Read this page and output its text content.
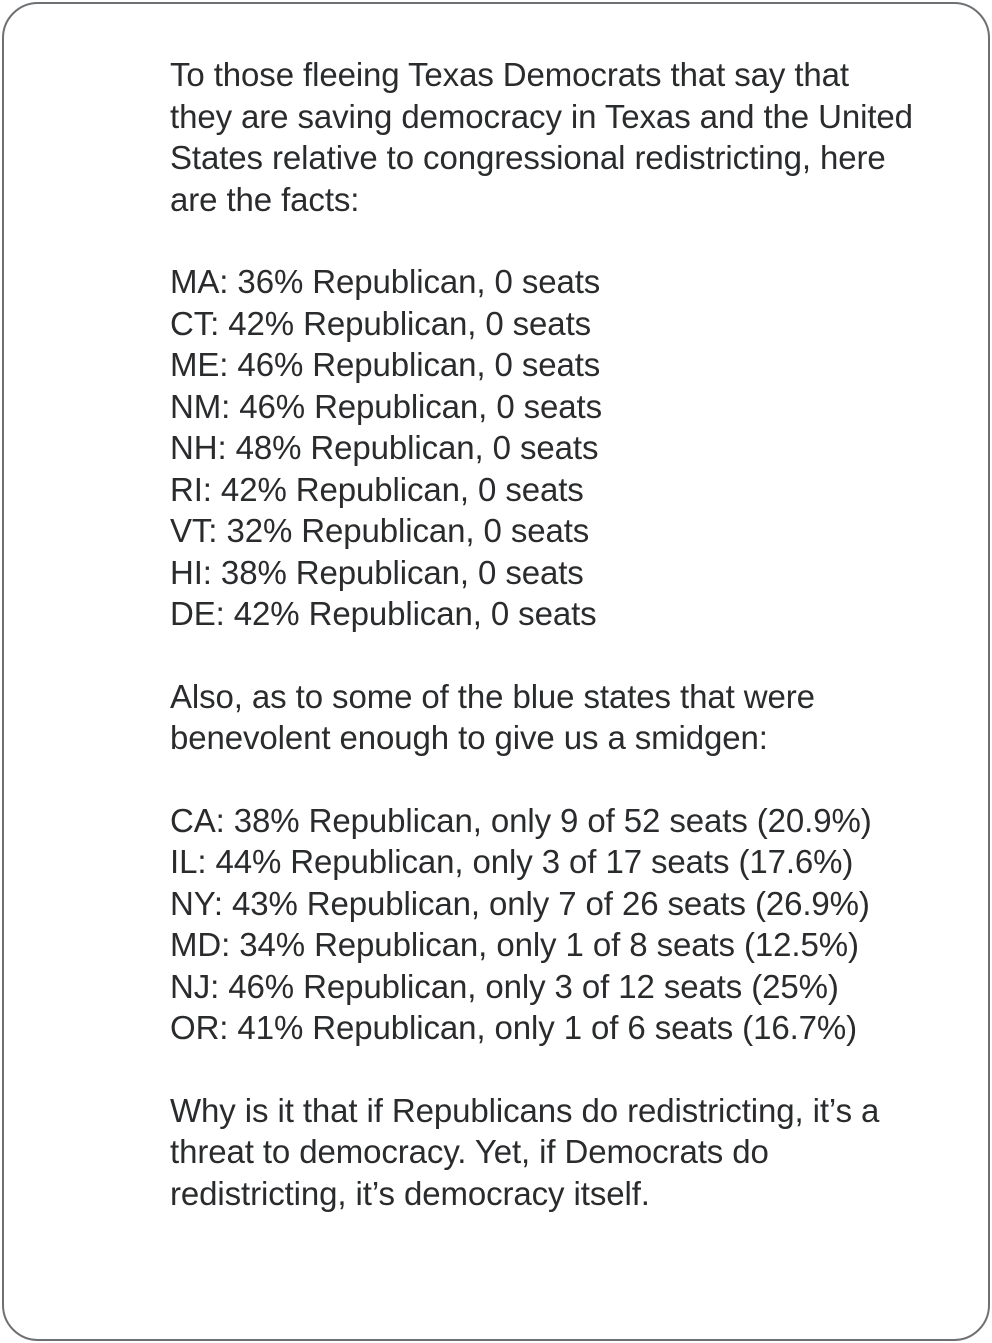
To those fleeing Texas Democrats that say that
they are saving democracy in Texas and the United
States relative to congressional redistricting, here
are the facts:
MA: 36% Republican, 0 seats
CT: 42% Republican, 0 seats
ME: 46% Republican, 0 seats
NM: 46% Republican, 0 seats
NH: 48% Republican, 0 seats
RI: 42% Republican, 0 seats
VT: 32% Republican, 0 seats
HI: 38% Republican, 0 seats
DE: 42% Republican, 0 seats
Also, as to some of the blue states that were
benevolent enough to give us a smidgen:
CA: 38% Republican, only 9 of 52 seats (20.9%)
IL: 44% Republican, only 3 of 17 seats (17.6%)
NY: 43% Republican, only 7 of 26 seats (26.9%)
MD: 34% Republican, only 1 of 8 seats (12.5%)
NJ: 46% Republican, only 3 of 12 seats (25%)
OR: 41% Republican, only 1 of 6 seats (16.7%)
Why is it that if Republicans do redistricting, it’s a
threat to democracy. Yet, if Democrats do
redistricting, it’s democracy itself.
